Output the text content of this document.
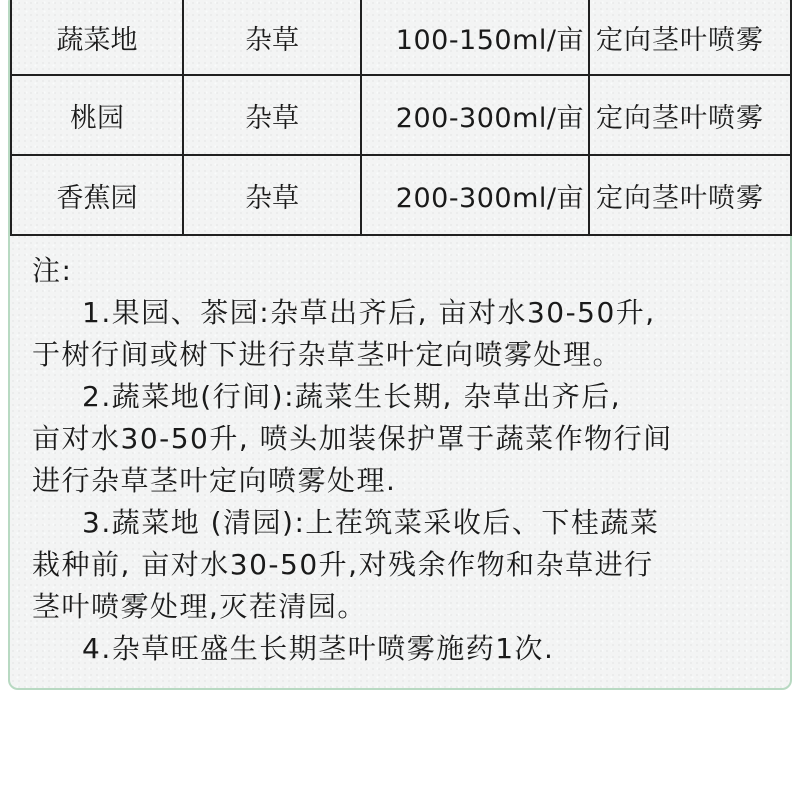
蔬菜地	杂草	100-150ml/亩	定向茎叶喷雾
桃园	杂草	200-300ml/亩	定向茎叶喷雾
香蕉园	杂草	200-300ml/亩	定向茎叶喷雾
注:
1.果园、茶园:杂草出齐后, 亩对水30-50升,
于树行间或树下进行杂草茎叶定向喷雾处理。
2.蔬菜地(行间):蔬菜生长期, 杂草出齐后,
亩对水30-50升, 喷头加装保护罩于蔬菜作物行间
进行杂草茎叶定向喷雾处理.
3.蔬菜地 (清园):上茬筑菜采收后、下桂蔬菜
栽种前, 亩对水30-50升,对残余作物和杂草进行
茎叶喷雾处理,灭茬清园。
4.杂草旺盛生长期茎叶喷雾施药1次.
